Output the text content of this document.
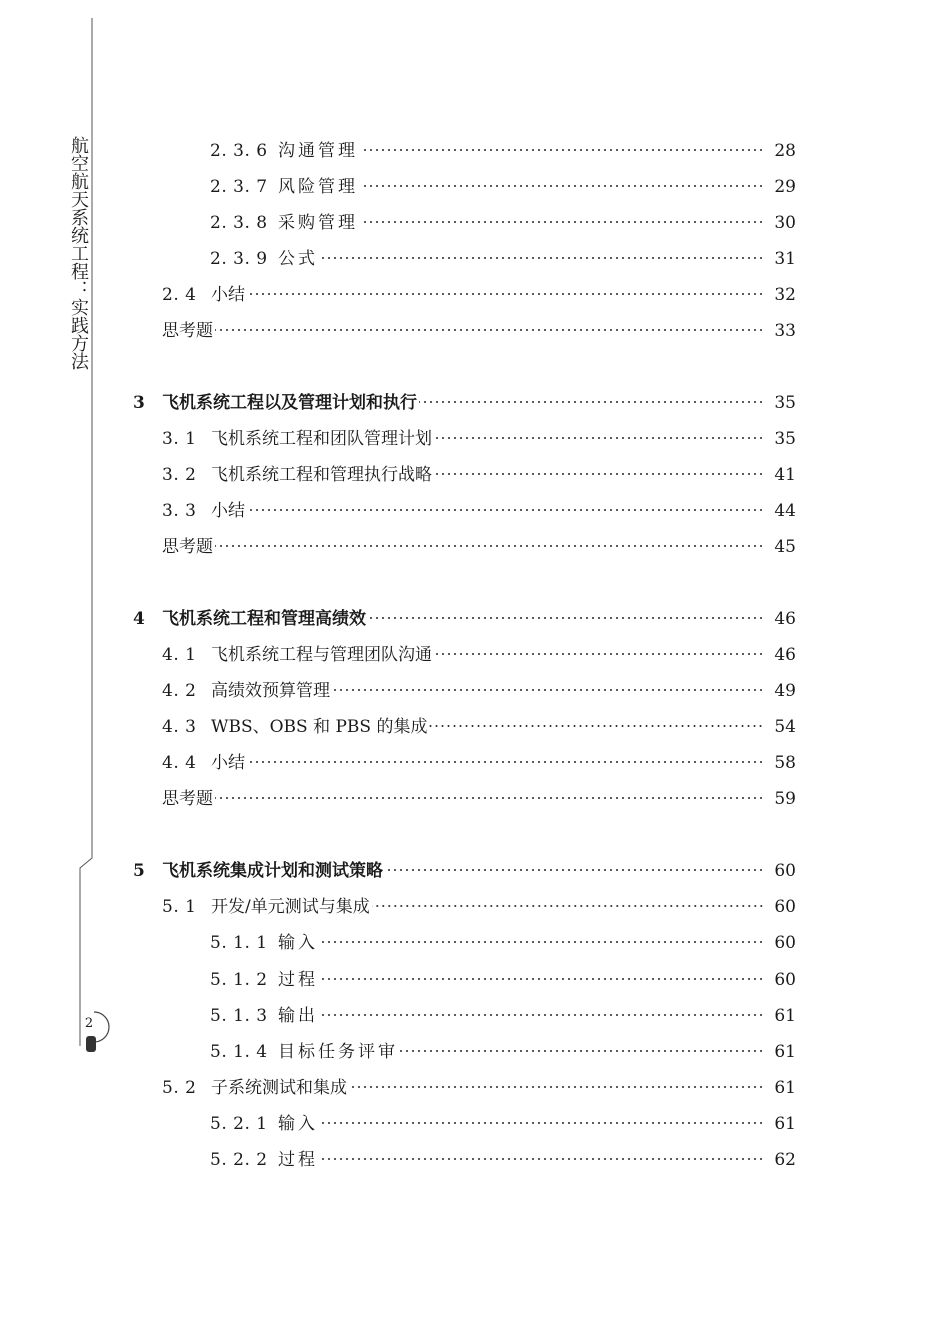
航空航天系统工程：实践方法
2
2. 3. 6 沟通管理	28
2. 3. 7 风险管理	29
2. 3. 8 采购管理	30
2. 3. 9 公式	31
2. 4 小结	32
思考题	33
3 飞机系统工程以及管理计划和执行	35
3. 1 飞机系统工程和团队管理计划	35
3. 2 飞机系统工程和管理执行战略	41
3. 3 小结	44
思考题	45
4 飞机系统工程和管理高绩效	46
4. 1 飞机系统工程与管理团队沟通	46
4. 2 高绩效预算管理	49
4. 3 WBS、OBS 和 PBS 的集成	54
4. 4 小结	58
思考题	59
5 飞机系统集成计划和测试策略	60
5. 1 开发/单元测试与集成	60
5. 1. 1 输入	60
5. 1. 2 过程	60
5. 1. 3 输出	61
5. 1. 4 目标任务评审	61
5. 2 子系统测试和集成	61
5. 2. 1 输入	61
5. 2. 2 过程	62
